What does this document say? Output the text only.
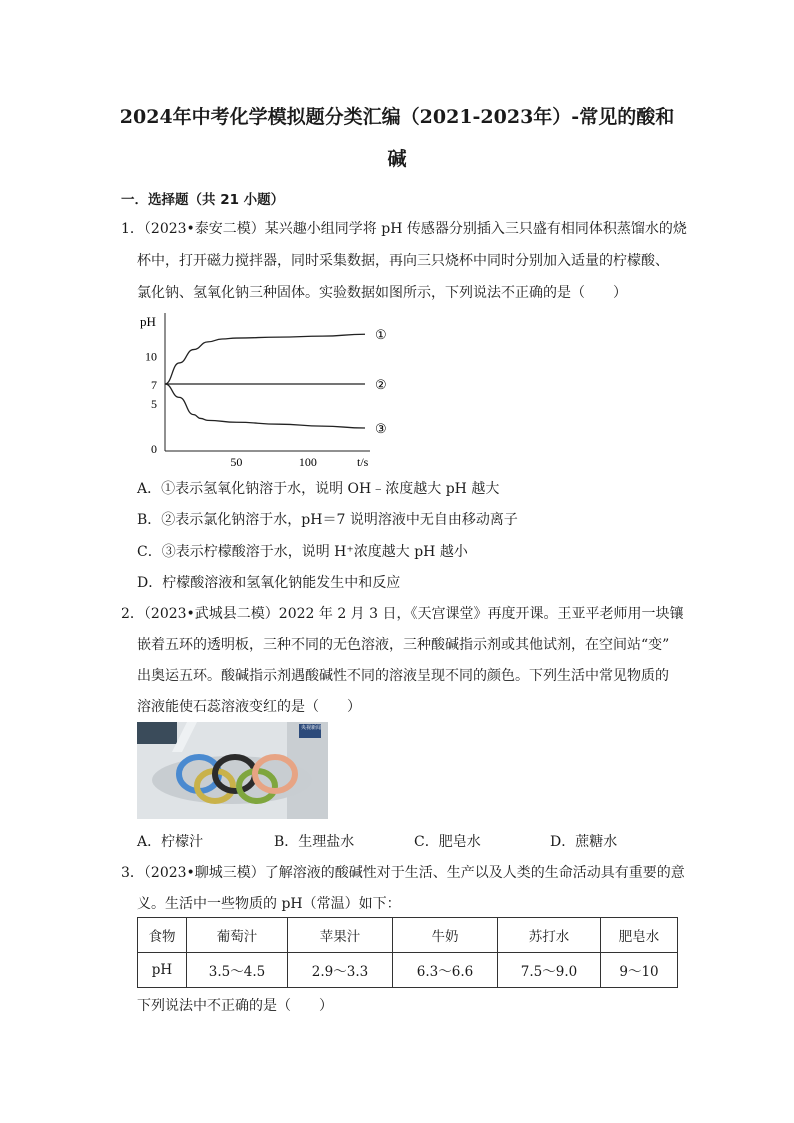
2024年中考化学模拟题分类汇编（2021-2023年）-常见的酸和
碱
一．选择题（共 21 小题）
1．（2023•泰安二模）某兴趣小组同学将 pH 传感器分别插入三只盛有相同体积蒸馏水的烧
杯中，打开磁力搅拌器，同时采集数据，再向三只烧杯中同时分别加入适量的柠檬酸、
氯化钠、氢氧化钠三种固体。实验数据如图所示，下列说法不正确的是（　　）
pH
t/s
10
7
5
0
50	100
①
②
③
A．①表示氢氧化钠溶于水，说明 OH﹣浓度越大 pH 越大
B．②表示氯化钠溶于水，pH＝7 说明溶液中无自由移动离子
C．③表示柠檬酸溶于水，说明 H⁺浓度越大 pH 越小
D．柠檬酸溶液和氢氧化钠能发生中和反应
2．（2023•武城县二模）2022 年 2 月 3 日，《天宫课堂》再度开课。王亚平老师用一块镶
嵌着五环的透明板，三种不同的无色溶液，三种酸碱指示剂或其他试剂，在空间站“变”
出奥运五环。酸碱指示剂遇酸碱性不同的溶液呈现不同的颜色。下列生活中常见物质的
溶液能使石蕊溶液变红的是（　　）
央视新闻
A．柠檬汁	B．生理盐水	C．肥皂水	D．蔗糖水
3．（2023•聊城三模）了解溶液的酸碱性对于生活、生产以及人类的生命活动具有重要的意
义。生活中一些物质的 pH（常温）如下：
食物	葡萄汁	苹果汁	牛奶	苏打水	肥皂水
pH	3.5～4.5	2.9～3.3	6.3～6.6	7.5～9.0	9～10
下列说法中不正确的是（　　）
